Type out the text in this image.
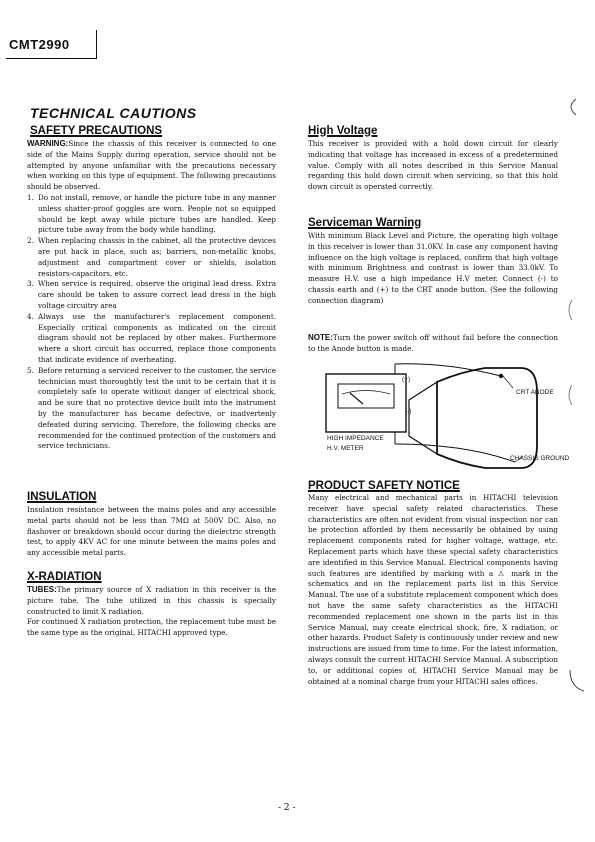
CMT2990
TECHNICAL CAUTIONS
SAFETY PRECAUTIONS

WARNING:Since the chassis of this receiver is connected to one side of the Mains Supply during operation, service should not be attempted by anyone unfamiliar with the precautions necessary when working on this type of equipment. The following precautions should be observed.

1. Do not install, remove, or handle the picture tube in any manner unless shatter-proof goggles are worn. People not so equipped should be kept away while picture tubes are handled. Keep picture tube away from the body while handling.
2. When replacing chassis in the cabinet, all the protective devices are put back in place, such as; barriers, non-metallic knobs, adjustment and compartment cover or shields, isolation resistors-capacitors, etc.
3. When service is required, observe the original lead dress. Extra care should be taken to assure correct lead dress in the high voltage circuitry area
4. Always use the manufacturer's replacement component. Especially critical components as indicated on the circuit diagram should not be replaced by other makes. Furthermore where a short circuit has occurred, replace those components that indicate evidence of overheating.
5. Before returning a serviced receiver to the customer, the service technician must thoroughtly test the unit to be certain that it is completely safe to operate without danger of electrical shock, and be sure that no protective device built into the instrument by the manufacturer has became defective, or inadvertenly defeated during servicing. Therefore, the following checks are recommended for the continued protection of the customers and service technicians.
INSULATION
Insulation resistance between the mains poles and any accessible metal parts should not be less than 7MΩ at 500V DC. Also, no flashover or breakdown should occur during the dielectric strength test, to apply 4KV AC for one minute between the mains poles and any accessible metal parts.
X-RADIATION

TUBES:The primary source of X radiation in this receiver is the picture tube. The tube utilized in this chassis is specially constructed to limit X radiation.

For continued X radiation protection, the replacement tube must be the same type as the original, HITACHI approved type.

High Voltage
This receiver is provided with a hold down circuit for clearly indicating that voltage has increased in excess of a predetermined value. Comply with all notes described in this Service Manual regarding this hold down circuit when servicing, so that this hold down circuit is operated correctly.
Serviceman Warning
With minimum Black Level and Picture, the operating high voltage in this receiver is lower than 31.0KV. In case any component having influence on the high voltage is replaced, confirm that high voltage with minimum Brightness and contrast is lower than 33.0kV. To measure H.V. use a high impedance H.V meter. Connect (-) to chassis earth and (+) to the CRT anode button. (See the following connection diagram)

NOTE:Turn the power switch off without fail before the connection to the Anode button is made.

(+)
(-)
CRT ANODE
HIGH IMPEDANCE
H.V. METER
CHASSIS GROUND
PRODUCT SAFETY NOTICE
Many electrical and mechanical parts in HITACHI television receiver have special safety related characteristics. These characteristics are often not evident from visual inspection nor can be protection afforded by them necessarily be obtained by using replacement components rated for higher voltage, wattage, etc. Replacement parts which have these special safety characteristics are identified in this Service Manual. Electrical components having such features are identified by marking with a ⚠ mark in the schematics and on the replacement parts list in this Service Manual. The use of a substitute replacement component which does not have the same safety characteristics as the HITACHI recommended replacement one shown in the parts list in this Service Manual, may create electrical shock, fire, X radiation, or other hazards. Product Safety is continuously under review and new instructions are issued from time to time. For the latest information, always consult the current HITACHI Service Manual. A subscription to, or additional copies of, HITACHI Service Manual may be obtained at a nominal charge from your HITACHI sales offices.
- 2 -
